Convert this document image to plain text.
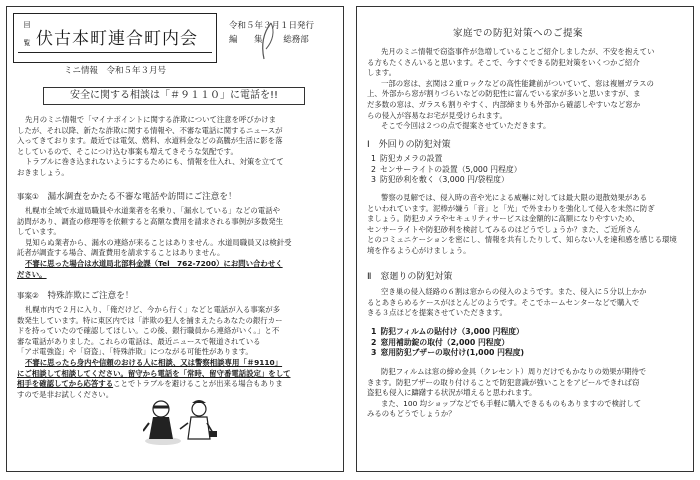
回
覧 伏古本町連合町内会
ミニ情報　令和５年３月号
令和５年３月１日発行
編　集 総務部
安全に関する相談は「＃９１１０」に電話を!!
先月のミニ情報で「マイナポイントに関する詐欺について注意を呼びかけま
したが、それ以降、新たな詐欺に関する情報や、不審な電話に関するニュースが
入ってきております。最近では電気、燃料、水道料金などの高騰が生活に影を落
としているので、そこにつけ込む事案も増えてきそうな気配です。
トラブルに巻き込まれないようにするためにも、情報を仕入れ、対策を立てて
おきましょう。
事案① 漏水調査をかたる不審な電話や訪問にご注意を！
札幌市全域で水道局職員や水道業者を名乗り、「漏水している」などの電話や
訪問があり、調査の修理等を依頼すると高額な費用を請求される事例が多数発生
しています。
見知らぬ業者から、漏水の連絡が来ることはありません。水道局職員又は検針受
託者が調査する場合、調査費用を請求することはありません。
不審に思った場合は水道局北部料金課（Tel　762-7200）にお問い合わせく
ださい。
事案② 特殊詐欺にご注意を！
札幌市内で２月に入り、「俺だけど、今から行く」などと電話が入る事案が多
数発生しています。特に東区内では「詐欺の犯人を捕まえたらあなたの銀行カー
ドを持っていたので確認してほしい。この後、銀行職員から連絡がいく。」と不
審な電話がありました。これらの電話は、最近ニュースで報道されている
「アポ電強盗」や「窃盗」、「特殊詐欺」につながる可能性があります。
不審に思ったら身内や信頼のおける人に相談、又は警察相談専用「＃9110」
にご相談して相談してください。留守から電話を「常時、留守番電話設定」をして
相手を確認してから応答することでトラブルを避けることが出来る場合もありま
すので是非お試しください。
家庭での防犯対策へのご提案
先月のミニ情報で窃盗事件が急増していることご紹介しましたが、不安を抱えてい
る方もたくさんいると思います。そこで、今すぐできる防犯対策をいくつかご紹介
します。
一部の窓は、玄関は２重ロックなどの高性能鍵前がついていて、窓は複層ガラスの
上、外部から窓が割りづらいなどの防犯性に富んでいる家が多いと思いますが、ま
だ多数の窓は、ガラスも割りやすく、内部締まりも外部から確認しやすいなど窓か
らの侵入が容易なお宅が見受けられます。
そこで今回は２つの点で提案させていただきます。
Ⅰ　外回りの防犯対策
1 防犯カメラの設置
2 センサーライトの設置（5,000 円程度）
3 防犯砂利を敷く（3,000 円/袋程度）
警察の見解では、侵入時の音や光による威嚇に対しては最大限の退散効果がある
といわれています。泥棒が嫌う「音」と「光」で外まわりを強化して侵入を未然に防ぎ
ましょう。防犯カメラやセキュリティサービスは金額的に高額になりやすいため、
センサーライトや防犯砂利を検討してみるのはどうでしょうか？また、ご近所さん
とのコミュニケーションを密にし、情報を共有したりして、知らない人を違和感を感じる環境
境を作るよう心がけましょう。
Ⅱ　窓廻りの防犯対策
空き巣の侵入経路の６割は窓からの侵入のようです。また、侵入に５分以上かか
るとあきらめるケースがほとんどのようです。そこでホームセンターなどで購入で
きる３点ほどを提案させていただきます。
1 防犯フィルムの貼付け（3,000 円程度）
2 窓用補助錠の取付（2,000 円程度）
3 窓用防犯ブザーの取付け(1,000 円程度)
防犯フィルムは窓の締め金具（クレセント）周りだけでもかなりの効果が期待で
きます。防犯ブザーの取り付けることで防犯意識が強いことをアピールできれば窃
盗犯も侵入に躊躇する状況が増えると思われます。
また、100 均ショップなどでも手軽に購入できるものもありますので検討して
みるのもどうでしょうか？
